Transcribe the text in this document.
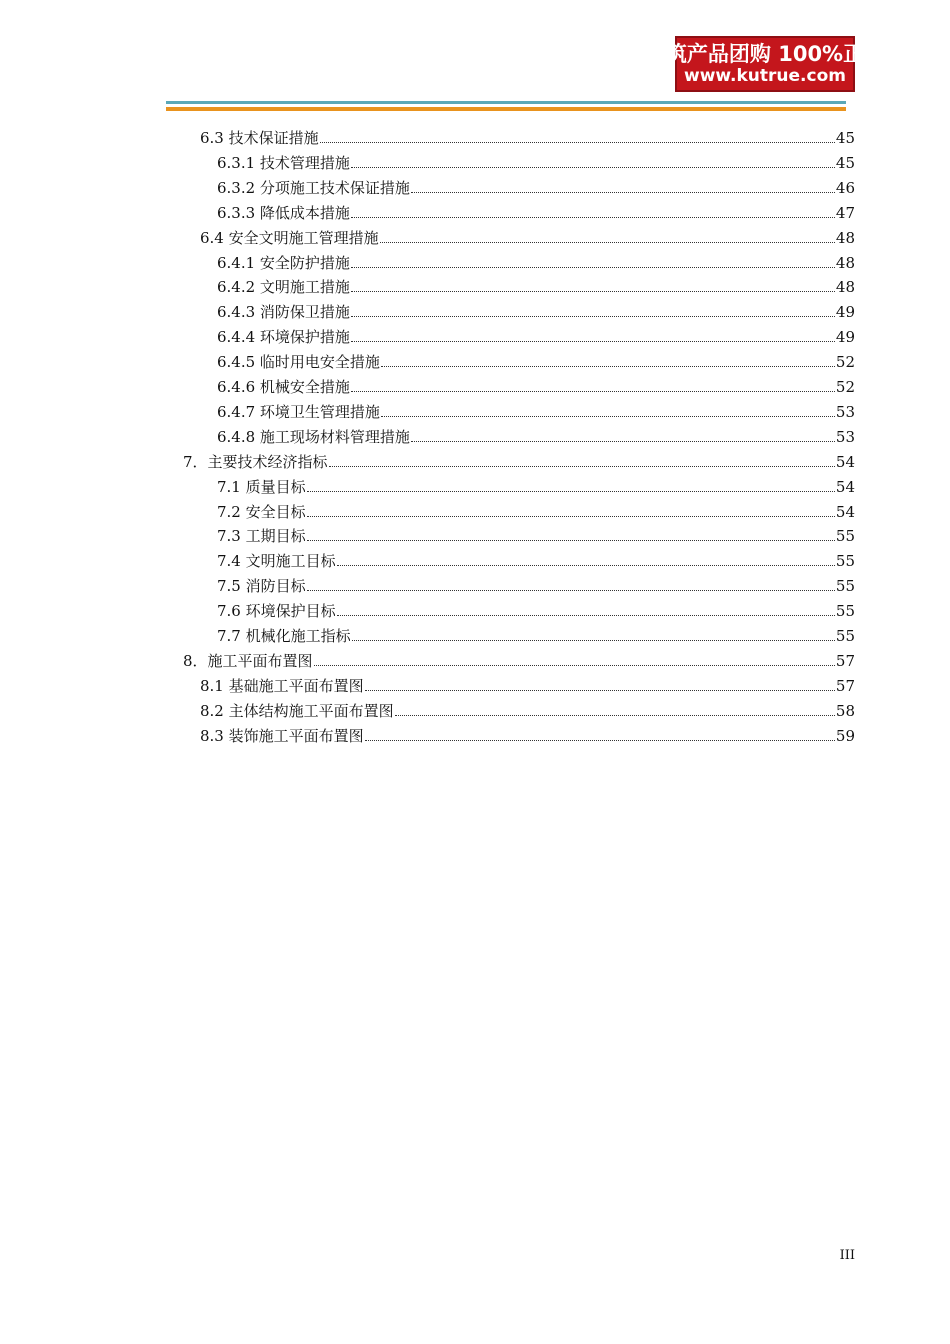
建筑产品团购 100%正品
www.kutrue.com
6.3 技术保证措施	45
6.3.1 技术管理措施	45
6.3.2 分项施工技术保证措施	46
6.3.3 降低成本措施	47
6.4 安全文明施工管理措施	48
6.4.1 安全防护措施	48
6.4.2 文明施工措施	48
6.4.3 消防保卫措施	49
6.4.4 环境保护措施	49
6.4.5 临时用电安全措施	52
6.4.6 机械安全措施	52
6.4.7 环境卫生管理措施	53
6.4.8 施工现场材料管理措施	53
7．主要技术经济指标	54
7.1 质量目标	54
7.2 安全目标	54
7.3 工期目标	55
7.4 文明施工目标	55
7.5 消防目标	55
7.6 环境保护目标	55
7.7 机械化施工指标	55
8．施工平面布置图	57
8.1 基础施工平面布置图	57
8.2 主体结构施工平面布置图	58
8.3 装饰施工平面布置图	59
III
